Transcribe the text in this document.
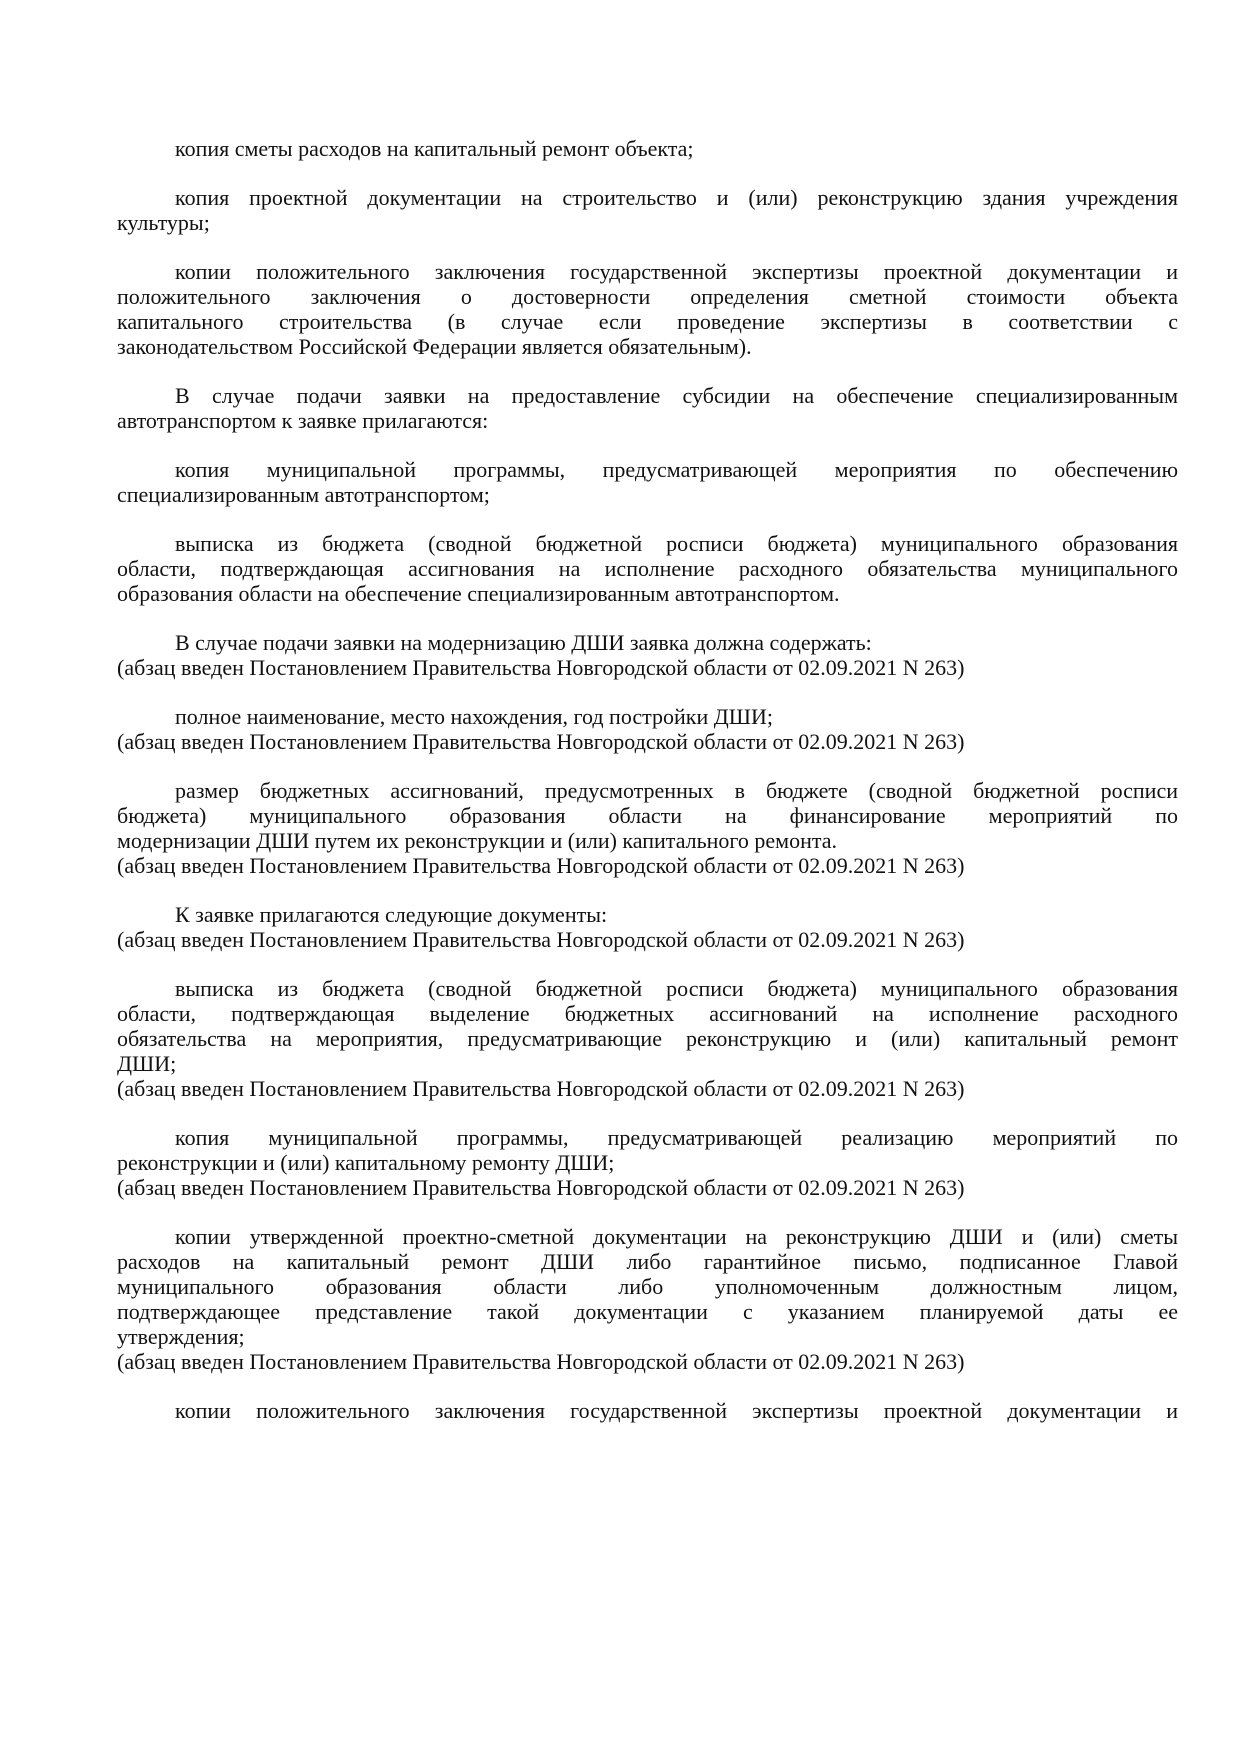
копия сметы расходов на капитальный ремонт объекта;
копия проектной документации на строительство и (или) реконструкцию здания учреждения
культуры;
копии положительного заключения государственной экспертизы проектной документации и
положительного заключения о достоверности определения сметной стоимости объекта
капитального строительства (в случае если проведение экспертизы в соответствии с
законодательством Российской Федерации является обязательным).
В случае подачи заявки на предоставление субсидии на обеспечение специализированным
автотранспортом к заявке прилагаются:
копия муниципальной программы, предусматривающей мероприятия по обеспечению
специализированным автотранспортом;
выписка из бюджета (сводной бюджетной росписи бюджета) муниципального образования
области, подтверждающая ассигнования на исполнение расходного обязательства муниципального
образования области на обеспечение специализированным автотранспортом.
В случае подачи заявки на модернизацию ДШИ заявка должна содержать:
(абзац введен Постановлением Правительства Новгородской области от 02.09.2021 N 263)
полное наименование, место нахождения, год постройки ДШИ;
(абзац введен Постановлением Правительства Новгородской области от 02.09.2021 N 263)
размер бюджетных ассигнований, предусмотренных в бюджете (сводной бюджетной росписи
бюджета) муниципального образования области на финансирование мероприятий по
модернизации ДШИ путем их реконструкции и (или) капитального ремонта.
(абзац введен Постановлением Правительства Новгородской области от 02.09.2021 N 263)
К заявке прилагаются следующие документы:
(абзац введен Постановлением Правительства Новгородской области от 02.09.2021 N 263)
выписка из бюджета (сводной бюджетной росписи бюджета) муниципального образования
области, подтверждающая выделение бюджетных ассигнований на исполнение расходного
обязательства на мероприятия, предусматривающие реконструкцию и (или) капитальный ремонт
ДШИ;
(абзац введен Постановлением Правительства Новгородской области от 02.09.2021 N 263)
копия муниципальной программы, предусматривающей реализацию мероприятий по
реконструкции и (или) капитальному ремонту ДШИ;
(абзац введен Постановлением Правительства Новгородской области от 02.09.2021 N 263)
копии утвержденной проектно-сметной документации на реконструкцию ДШИ и (или) сметы
расходов на капитальный ремонт ДШИ либо гарантийное письмо, подписанное Главой
муниципального образования области либо уполномоченным должностным лицом,
подтверждающее представление такой документации с указанием планируемой даты ее
утверждения;
(абзац введен Постановлением Правительства Новгородской области от 02.09.2021 N 263)
копии положительного заключения государственной экспертизы проектной документации и
